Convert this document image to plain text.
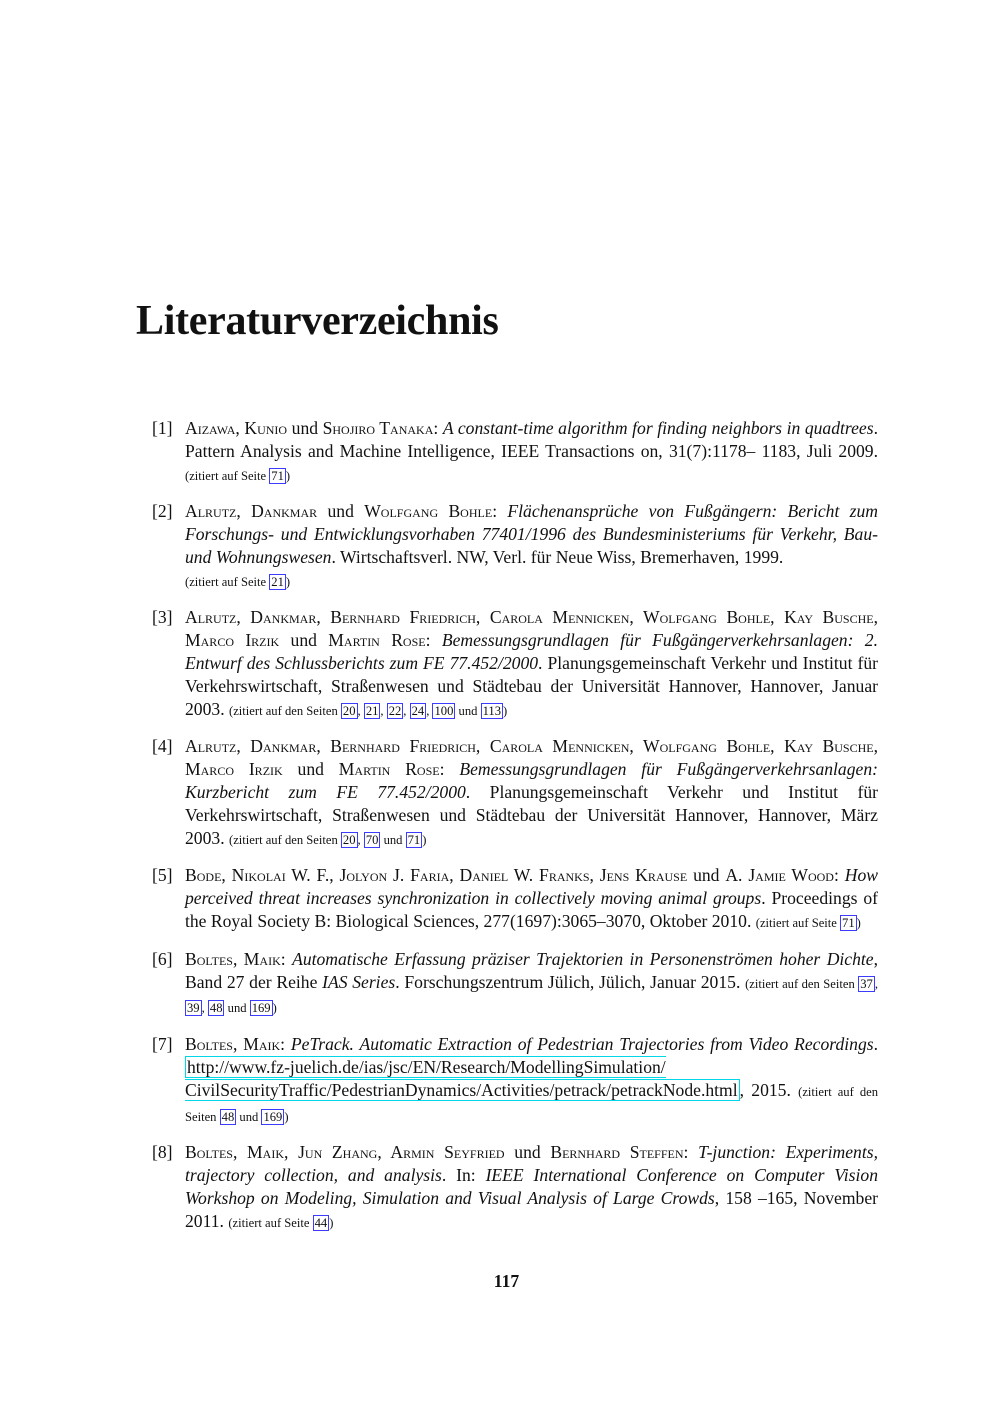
Literaturverzeichnis
[1] Aizawa, Kunio und Shojiro Tanaka: A constant-time algorithm for finding neighbors in quadtrees. Pattern Analysis and Machine Intelligence, IEEE Transactions on, 31(7):1178– 1183, Juli 2009. (zitiert auf Seite 71 )
[2] Alrutz, Dankmar und Wolfgang Bohle: Flächenansprüche von Fußgängern: Bericht zum Forschungs- und Entwicklungsvorhaben 77401/1996 des Bundesministeriums für Verkehr, Bau- und Wohnungswesen. Wirtschaftsverl. NW, Verl. für Neue Wiss, Bremerhaven, 1999.
(zitiert auf Seite 21 )
[3] Alrutz, Dankmar, Bernhard Friedrich, Carola Mennicken, Wolfgang Bohle, Kay Busche, Marco Irzik und Martin Rose: Bemessungsgrundlagen für Fußgängerverkehrsanlagen: 2. Entwurf des Schlussberichts zum FE 77.452/2000. Planungsgemeinschaft Verkehr und Institut für Verkehrswirtschaft, Straßenwesen und Städtebau der Universität Hannover, Hannover, Januar 2003. (zitiert auf den Seiten 20 , 21 , 22 , 24 , 100 und 113 )
[4] Alrutz, Dankmar, Bernhard Friedrich, Carola Mennicken, Wolfgang Bohle, Kay Busche, Marco Irzik und Martin Rose: Bemessungsgrundlagen für Fußgängerverkehrsanlagen: Kurzbericht zum FE 77.452/2000. Planungsgemeinschaft Verkehr und Institut für Verkehrswirtschaft, Straßenwesen und Städtebau der Universität Hannover, Hannover, März 2003. (zitiert auf den Seiten 20 , 70 und 71 )
[5] Bode, Nikolai W. F., Jolyon J. Faria, Daniel W. Franks, Jens Krause und A. Jamie Wood: How perceived threat increases synchronization in collectively moving animal groups. Proceedings of the Royal Society B: Biological Sciences, 277(1697):3065–3070, Oktober 2010. (zitiert auf Seite 71 )
[6] Boltes, Maik: Automatische Erfassung präziser Trajektorien in Personenströmen hoher Dichte, Band 27 der Reihe IAS Series. Forschungszentrum Jülich, Jülich, Januar 2015. (zitiert auf den Seiten 37 , 39 , 48 und 169 )
[7] Boltes, Maik: PeTrack. Automatic Extraction of Pedestrian Trajectories from Video Recordings. http://www.fz-juelich.de/ias/jsc/EN/Research/ModellingSimulation/
CivilSecurityTraffic/PedestrianDynamics/Activities/petrack/petrackNode.html , 2015. (zitiert auf den Seiten 48 und 169 )
[8] Boltes, Maik, Jun Zhang, Armin Seyfried und Bernhard Steffen: T-junction: Experiments, trajectory collection, and analysis. In: IEEE International Conference on Computer Vision Workshop on Modeling, Simulation and Visual Analysis of Large Crowds, 158 –165, November 2011. (zitiert auf Seite 44 )

117
